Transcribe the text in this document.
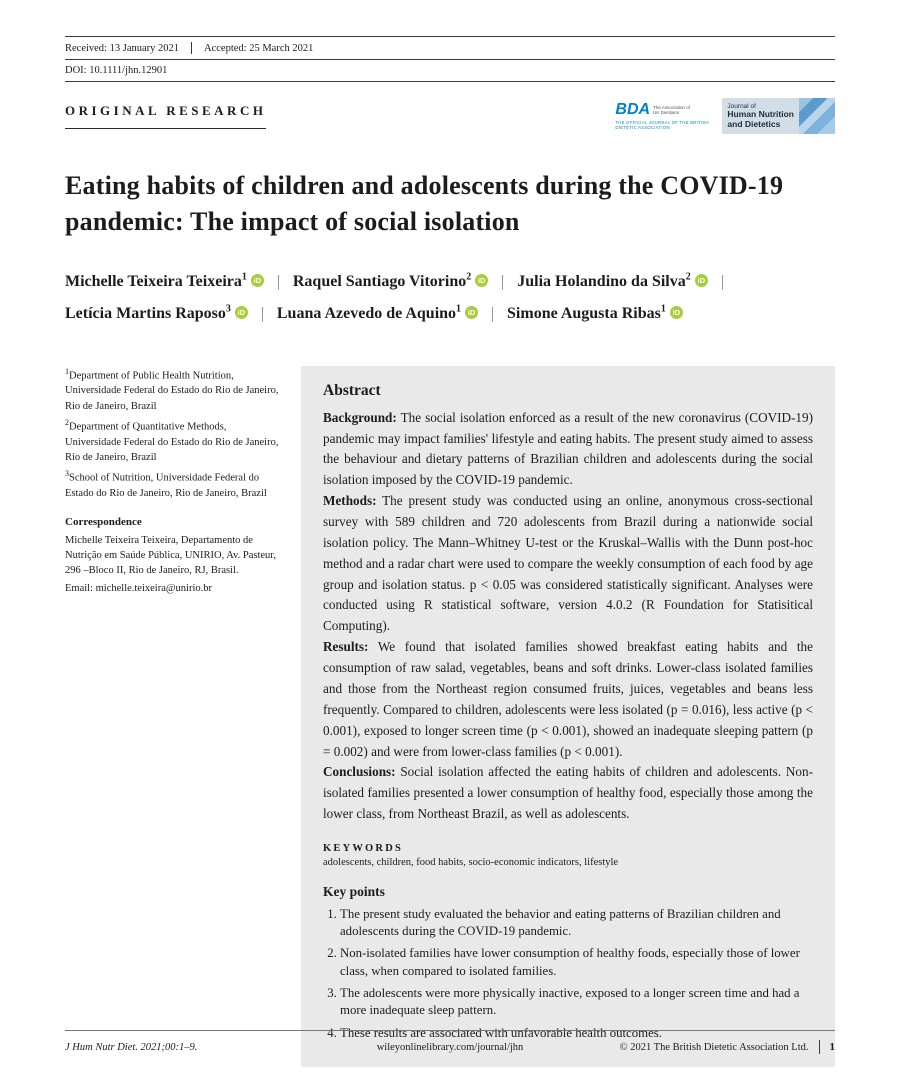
Received: 13 January 2021 Accepted: 25 March 2021
DOI: 10.1111/jhn.12901
ORIGINAL RESEARCH	BDA The Association of UK Dietitians
THE OFFICIAL JOURNAL OF THE BRITISH DIETETIC ASSOCIATION
Journal of
Human Nutrition
and Dietetics
Eating habits of children and adolescents during the COVID-19 pandemic: The impact of social isolation
Michelle Teixeira Teixeira$^1$ iD Raquel Santiago Vitorino$^2$ iD Julia Holandino da Silva$^2$ iD
Letícia Martins Raposo$^3$ iD Luana Azevedo de Aquino$^1$ iD Simone Augusta Ribas$^1$ iD

$^1$Department of Public Health Nutrition, Universidade Federal do Estado do Rio de Janeiro, Rio de Janeiro, Brazil

$^2$Department of Quantitative Methods, Universidade Federal do Estado do Rio de Janeiro, Rio de Janeiro, Brazil

$^3$School of Nutrition, Universidade Federal do Estado do Rio de Janeiro, Rio de Janeiro, Brazil

Correspondence

Michelle Teixeira Teixeira, Departamento de Nutrição em Saúde Pública, UNIRIO, Av. Pasteur, 296 –Bloco II, Rio de Janeiro, RJ, Brasil.

Email: michelle.teixeira@unirio.br

Abstract

Background: The social isolation enforced as a result of the new coronavirus (COVID-19) pandemic may impact families' lifestyle and eating habits. The present study aimed to assess the behaviour and dietary patterns of Brazilian children and adolescents during the social isolation imposed by the COVID-19 pandemic.

Methods: The present study was conducted using an online, anonymous cross-sectional survey with 589 children and 720 adolescents from Brazil during a nationwide social isolation policy. The Mann–Whitney U-test or the Kruskal–Wallis with the Dunn post-hoc method and a radar chart were used to compare the weekly consumption of each food by age group and isolation status. p < 0.05 was considered statistically significant. Analyses were conducted using R statistical software, version 4.0.2 (R Foundation for Statisitical Computing).

Results: We found that isolated families showed breakfast eating habits and the consumption of raw salad, vegetables, beans and soft drinks. Lower-class isolated families and those from the Northeast region consumed fruits, juices, vegetables and beans less frequently. Compared to children, adolescents were less isolated (p = 0.016), less active (p < 0.001), exposed to longer screen time (p < 0.001), showed an inadequate sleeping pattern (p = 0.002) and were from lower-class families (p < 0.001).

Conclusions: Social isolation affected the eating habits of children and adolescents. Non-isolated families presented a lower consumption of healthy food, especially those among the lower class, from Northeast Brazil, as well as adolescents.

KEYWORDS

adolescents, children, food habits, socio-economic indicators, lifestyle

Key points
1. The present study evaluated the behavior and eating patterns of Brazilian children and adolescents during the COVID-19 pandemic.
2. Non-isolated families have lower consumption of healthy foods, especially those of lower class, when compared to isolated families.
3. The adolescents were more physically inactive, exposed to a longer screen time and had a more inadequate sleep pattern.
4. These results are associated with unfavorable health outcomes.
J Hum Nutr Diet. 2021;00:1–9.	wileyonlinelibrary.com/journal/jhn	© 2021 The British Dietetic Association Ltd. 1
